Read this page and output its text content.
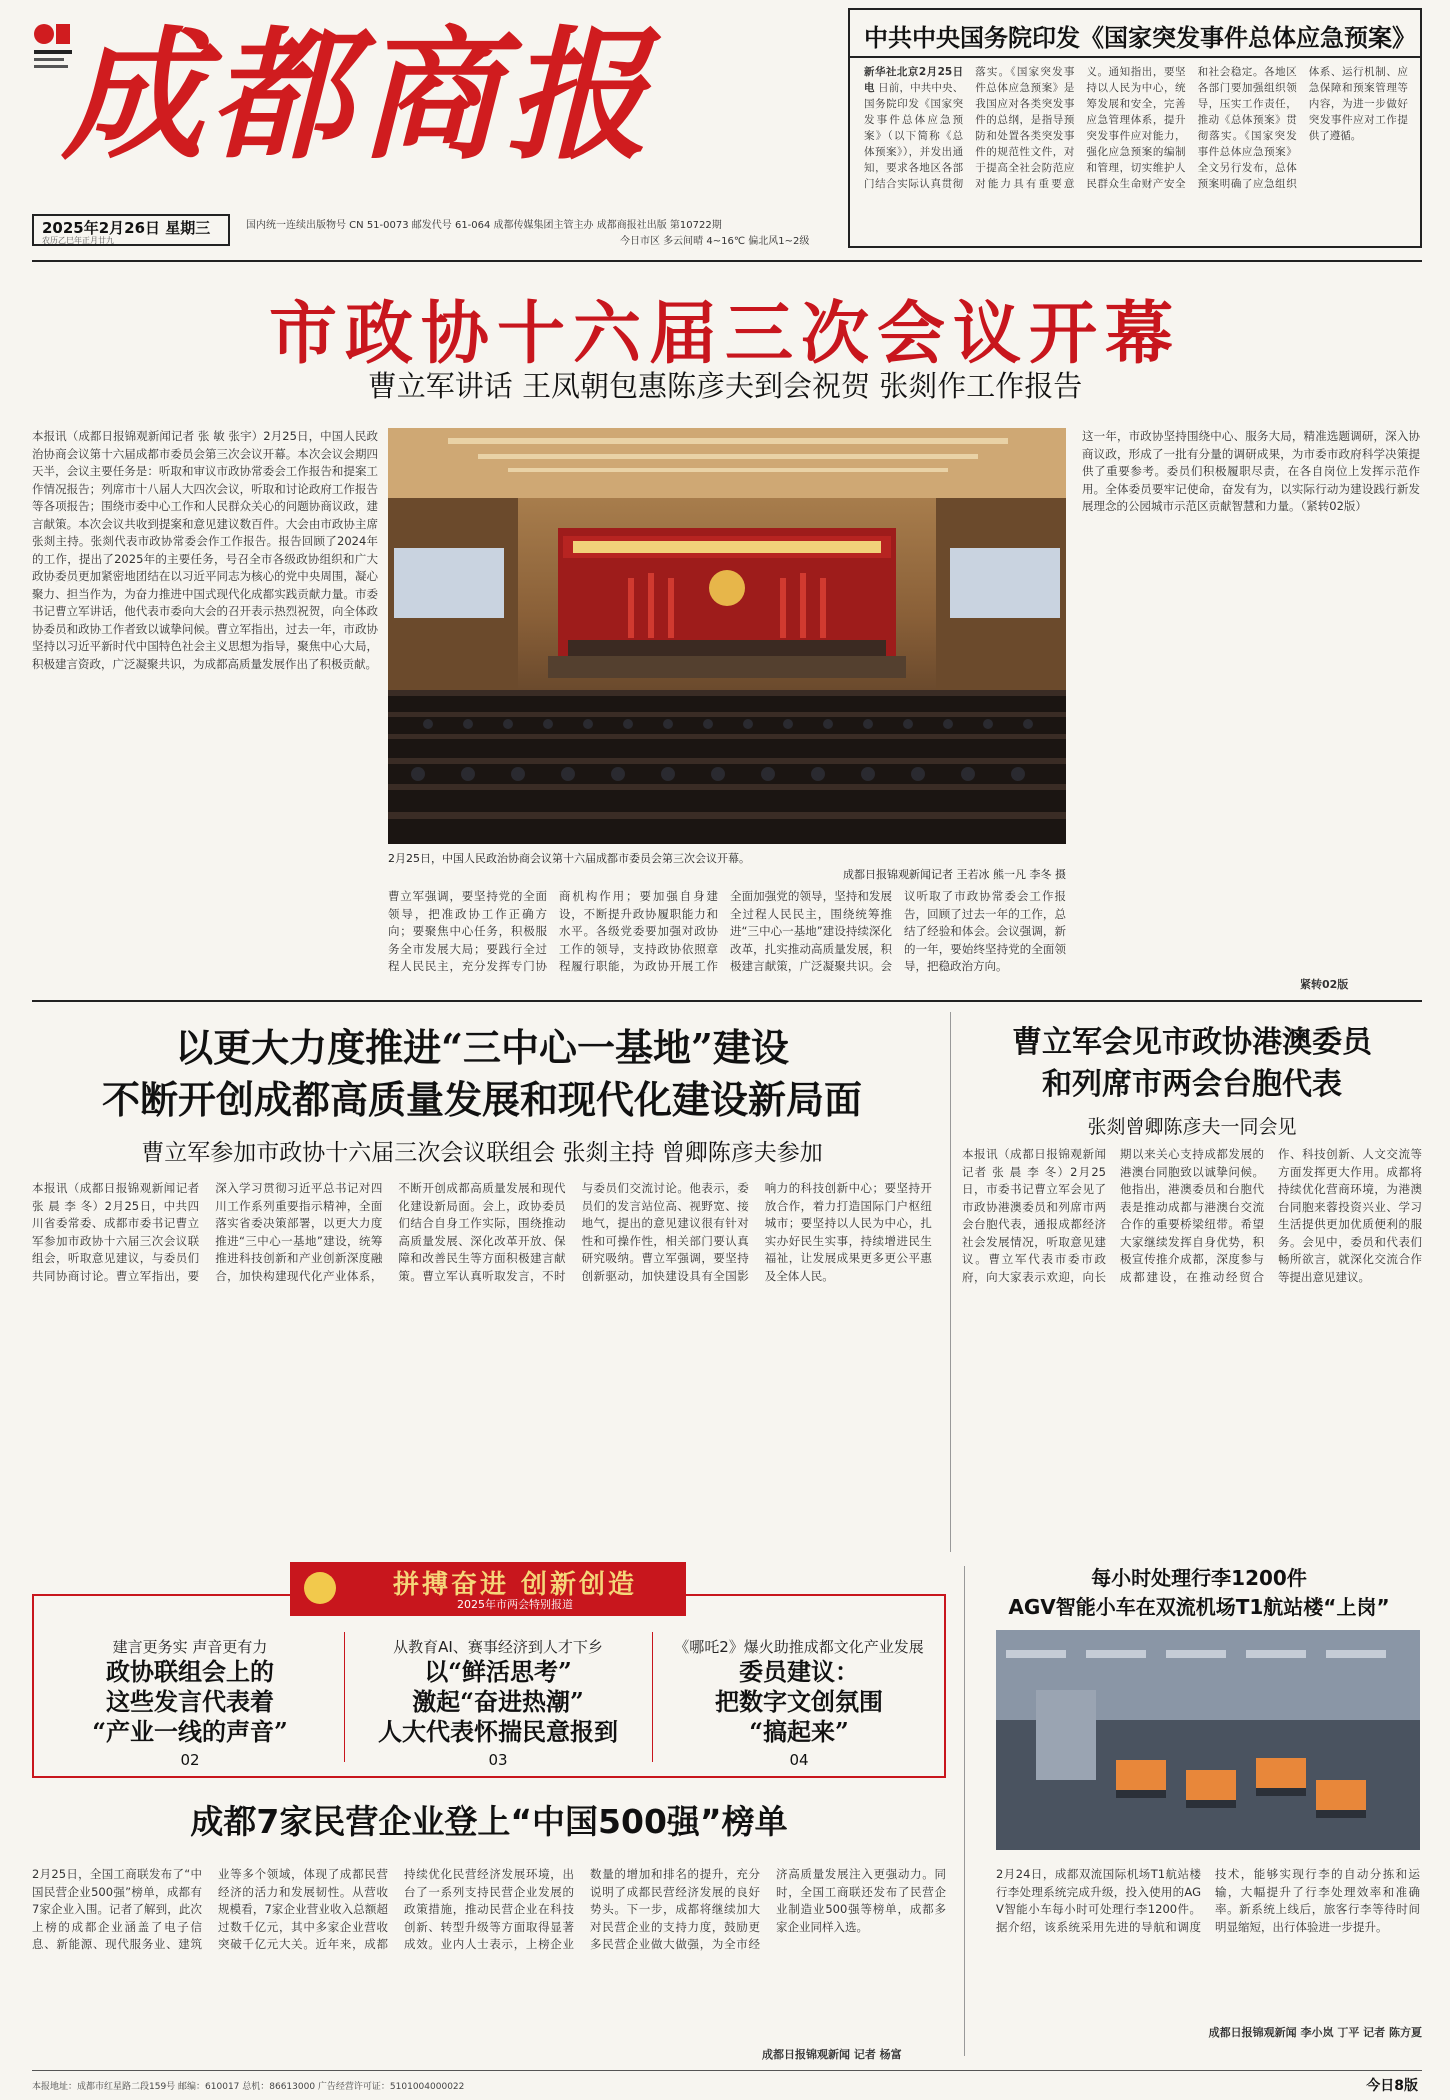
成都商报
2025年2月26日 星期三
农历乙巳年正月廿九
国内统一连续出版物号 CN 51-0073 邮发代号 61-064 成都传媒集团主管主办 成都商报社出版 第10722期
今日市区 多云间晴 4~16℃ 偏北风1~2级
中共中央国务院印发《国家突发事件总体应急预案》
新华社北京2月25日电 日前，中共中央、国务院印发《国家突发事件总体应急预案》（以下简称《总体预案》），并发出通知，要求各地区各部门结合实际认真贯彻落实。《国家突发事件总体应急预案》是我国应对各类突发事件的总纲，是指导预防和处置各类突发事件的规范性文件，对于提高全社会防范应对能力具有重要意义。通知指出，要坚持以人民为中心，统筹发展和安全，完善应急管理体系，提升突发事件应对能力，强化应急预案的编制和管理，切实维护人民群众生命财产安全和社会稳定。各地区各部门要加强组织领导，压实工作责任，推动《总体预案》贯彻落实。《国家突发事件总体应急预案》全文另行发布，总体预案明确了应急组织体系、运行机制、应急保障和预案管理等内容，为进一步做好突发事件应对工作提供了遵循。
市政协十六届三次会议开幕
曹立军讲话 王凤朝包惠陈彦夫到会祝贺 张剡作工作报告
本报讯（成都日报锦观新闻记者 张 敏 张宇）2月25日，中国人民政治协商会议第十六届成都市委员会第三次会议开幕。本次会议会期四天半，会议主要任务是：听取和审议市政协常委会工作报告和提案工作情况报告；列席市十八届人大四次会议，听取和讨论政府工作报告等各项报告；围绕市委中心工作和人民群众关心的问题协商议政，建言献策。本次会议共收到提案和意见建议数百件。大会由市政协主席张剡主持。张剡代表市政协常委会作工作报告。报告回顾了2024年的工作，提出了2025年的主要任务，号召全市各级政协组织和广大政协委员更加紧密地团结在以习近平同志为核心的党中央周围，凝心聚力、担当作为，为奋力推进中国式现代化成都实践贡献力量。市委书记曹立军讲话，他代表市委向大会的召开表示热烈祝贺，向全体政协委员和政协工作者致以诚挚问候。曹立军指出，过去一年，市政协坚持以习近平新时代中国特色社会主义思想为指导，聚焦中心大局，积极建言资政，广泛凝聚共识，为成都高质量发展作出了积极贡献。
2月25日，中国人民政治协商会议第十六届成都市委员会第三次会议开幕。
成都日报锦观新闻记者 王若冰 熊一凡 李冬 摄
这一年，市政协坚持围绕中心、服务大局，精准选题调研，深入协商议政，形成了一批有分量的调研成果，为市委市政府科学决策提供了重要参考。委员们积极履职尽责，在各自岗位上发挥示范作用。全体委员要牢记使命，奋发有为，以实际行动为建设践行新发展理念的公园城市示范区贡献智慧和力量。（紧转02版）
曹立军强调，要坚持党的全面领导，把准政协工作正确方向；要聚焦中心任务，积极服务全市发展大局；要践行全过程人民民主，充分发挥专门协商机构作用；要加强自身建设，不断提升政协履职能力和水平。各级党委要加强对政协工作的领导，支持政协依照章程履行职能，为政协开展工作
全面加强党的领导，坚持和发展全过程人民民主，围绕统筹推进“三中心一基地”建设持续深化改革，扎实推动高质量发展，积极建言献策，广泛凝聚共识。会议听取了市政协常委会工作报告，回顾了过去一年的工作，总结了经验和体会。会议强调，新的一年，要始终坚持党的全面领导，把稳政治方向。
紧转02版
以更大力度推进“三中心一基地”建设
不断开创成都高质量发展和现代化建设新局面
曹立军参加市政协十六届三次会议联组会 张剡主持 曾卿陈彦夫参加
本报讯（成都日报锦观新闻记者 张 晨 李 冬）2月25日，中共四川省委常委、成都市委书记曹立军参加市政协十六届三次会议联组会，听取意见建议，与委员们共同协商讨论。曹立军指出，要深入学习贯彻习近平总书记对四川工作系列重要指示精神，全面落实省委决策部署，以更大力度推进“三中心一基地”建设，统筹推进科技创新和产业创新深度融合，加快构建现代化产业体系，不断开创成都高质量发展和现代化建设新局面。会上，政协委员们结合自身工作实际，围绕推动高质量发展、深化改革开放、保障和改善民生等方面积极建言献策。曹立军认真听取发言，不时与委员们交流讨论。他表示，委员们的发言站位高、视野宽、接地气，提出的意见建议很有针对性和可操作性，相关部门要认真研究吸纳。曹立军强调，要坚持创新驱动，加快建设具有全国影响力的科技创新中心；要坚持开放合作，着力打造国际门户枢纽城市；要坚持以人民为中心，扎实办好民生实事，持续增进民生福祉，让发展成果更多更公平惠及全体人民。
曹立军会见市政协港澳委员
和列席市两会台胞代表
张剡曾卿陈彦夫一同会见
本报讯（成都日报锦观新闻记者 张 晨 李 冬）2月25日，市委书记曹立军会见了市政协港澳委员和列席市两会台胞代表，通报成都经济社会发展情况，听取意见建议。曹立军代表市委市政府，向大家表示欢迎，向长期以来关心支持成都发展的港澳台同胞致以诚挚问候。他指出，港澳委员和台胞代表是推动成都与港澳台交流合作的重要桥梁纽带。希望大家继续发挥自身优势，积极宣传推介成都，深度参与成都建设，在推动经贸合作、科技创新、人文交流等方面发挥更大作用。成都将持续优化营商环境，为港澳台同胞来蓉投资兴业、学习生活提供更加优质便利的服务。会见中，委员和代表们畅所欲言，就深化交流合作等提出意见建议。
建言更务实 声音更有力
政协联组会上的
这些发言代表着
“产业一线的声音”
02
从教育AI、赛事经济到人才下乡
以“鲜活思考”
激起“奋进热潮”
人大代表怀揣民意报到
03
《哪吒2》爆火助推成都文化产业发展
委员建议：
把数字文创氛围
“搞起来”
04
拼搏奋进 创新创造
2025年市两会特别报道
成都7家民营企业登上“中国500强”榜单
2月25日，全国工商联发布了“中国民营企业500强”榜单，成都有7家企业入围。记者了解到，此次上榜的成都企业涵盖了电子信息、新能源、现代服务业、建筑业等多个领域，体现了成都民营经济的活力和发展韧性。从营收规模看，7家企业营业收入总额超过数千亿元，其中多家企业营收突破千亿元大关。近年来，成都持续优化民营经济发展环境，出台了一系列支持民营企业发展的政策措施，推动民营企业在科技创新、转型升级等方面取得显著成效。业内人士表示，上榜企业数量的增加和排名的提升，充分说明了成都民营经济发展的良好势头。下一步，成都将继续加大对民营企业的支持力度，鼓励更多民营企业做大做强，为全市经济高质量发展注入更强动力。同时，全国工商联还发布了民营企业制造业500强等榜单，成都多家企业同样入选。
成都日报锦观新闻 记者 杨富
每小时处理行李1200件
AGV智能小车在双流机场T1航站楼“上岗”
2月24日，成都双流国际机场T1航站楼行李处理系统完成升级，投入使用的AGV智能小车每小时可处理行李1200件。据介绍，该系统采用先进的导航和调度技术，能够实现行李的自动分拣和运输，大幅提升了行李处理效率和准确率。新系统上线后，旅客行李等待时间明显缩短，出行体验进一步提升。
成都日报锦观新闻 李小岚 丁平 记者 陈方夏
本报地址：成都市红星路二段159号 邮编：610017 总机：86613000 广告经营许可证：5101004000022	今日8版
